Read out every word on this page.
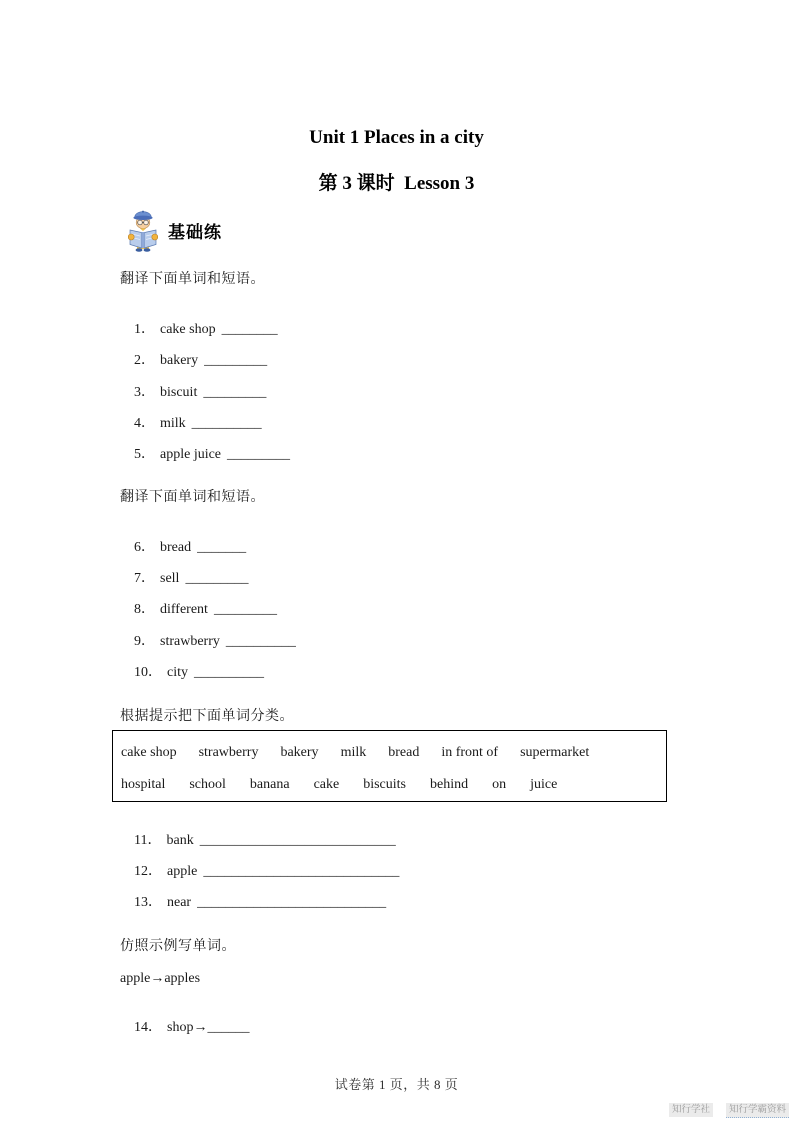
Unit 1 Places in a city
第 3 课时  Lesson 3
基础练
翻译下面单词和短语。

1． cake shop ________

2． bakery _________

3． biscuit _________

4． milk __________

5． apple juice _________

翻译下面单词和短语。

6． bread _______

7． sell _________

8． different _________

9． strawberry __________

10． city __________

根据提示把下面单词分类。
cake shop strawberry bakery milk bread in front of supermarket
hospital school banana cake biscuits behind on juice

11． bank ____________________________

12． apple ____________________________

13． near ___________________________

仿照示例写单词。
apple→apples

14． shop→______

试卷第 1 页，共 8 页
知行学社	知行学霸资料
